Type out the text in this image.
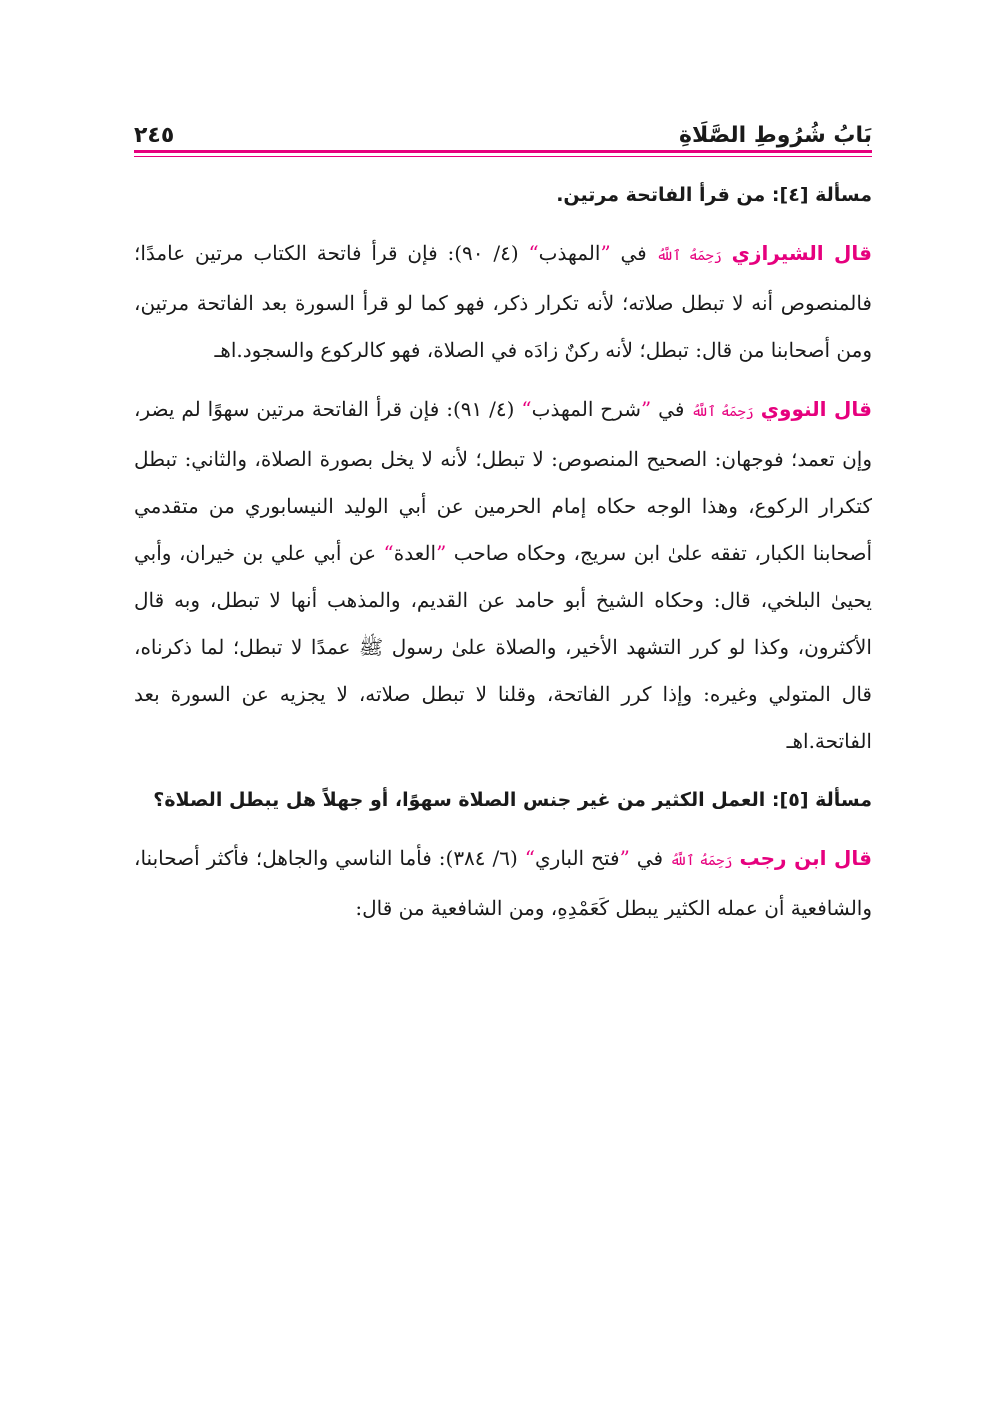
بَابُ شُرُوطِ الصَّلَاةِ
٢٤٥
مسألة [٤]: من قرأ الفاتحة مرتين.

قال الشيرازي رَحِمَهُ ٱللَّهُ في ”المهذب“ (٤/ ٩٠): فإن قرأ فاتحة الكتاب مرتين عامدًا؛ فالمنصوص أنه لا تبطل صلاته؛ لأنه تكرار ذكر، فهو كما لو قرأ السورة بعد الفاتحة مرتين، ومن أصحابنا من قال: تبطل؛ لأنه ركنٌ زادَه في الصلاة، فهو كالركوع والسجود.اهـ

قال النووي رَحِمَهُ ٱللَّهُ في ”شرح المهذب“ (٤/ ٩١): فإن قرأ الفاتحة مرتين سهوًا لم يضر، وإن تعمد؛ فوجهان: الصحيح المنصوص: لا تبطل؛ لأنه لا يخل بصورة الصلاة، والثاني: تبطل كتكرار الركوع، وهذا الوجه حكاه إمام الحرمين عن أبي الوليد النيسابوري من متقدمي أصحابنا الكبار، تفقه علىٰ ابن سريج، وحكاه صاحب ”العدة“ عن أبي علي بن خيران، وأبي يحيىٰ البلخي، قال: وحكاه الشيخ أبو حامد عن القديم، والمذهب أنها لا تبطل، وبه قال الأكثرون، وكذا لو كرر التشهد الأخير، والصلاة علىٰ رسول ﷺ عمدًا لا تبطل؛ لما ذكرناه، قال المتولي وغيره: وإذا كرر الفاتحة، وقلنا لا تبطل صلاته، لا يجزيه عن السورة بعد الفاتحة.اهـ

مسألة [٥]: العمل الكثير من غير جنس الصلاة سهوًا، أو جهلاً هل يبطل الصلاة؟

قال ابن رجب رَحِمَهُ ٱللَّهُ في ”فتح الباري“ (٦/ ٣٨٤): فأما الناسي والجاهل؛ فأكثر أصحابنا، والشافعية أن عمله الكثير يبطل كَعَمْدِهِ، ومن الشافعية من قال:
